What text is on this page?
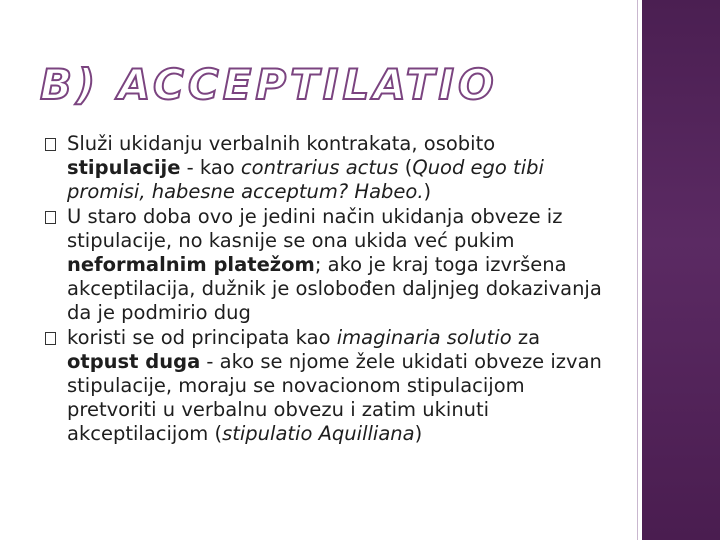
B) ACCEPTILATIO
Služi ukidanju verbalnih kontrakata, osobito stipulacije - kao contrarius actus (Quod ego tibi promisi, habesne acceptum? Habeo.)
U staro doba ovo je jedini način ukidanja obveze iz stipulacije, no kasnije se ona ukida već pukim neformalnim platežom; ako je kraj toga izvršena akceptilacija, dužnik je oslobođen daljnjeg dokazivanja da je podmirio dug
koristi se od principata kao imaginaria solutio za otpust duga - ako se njome žele ukidati obveze izvan stipulacije, moraju se novacionom stipulacijom pretvoriti u verbalnu obvezu i zatim ukinuti akceptilacijom (stipulatio Aquilliana)
